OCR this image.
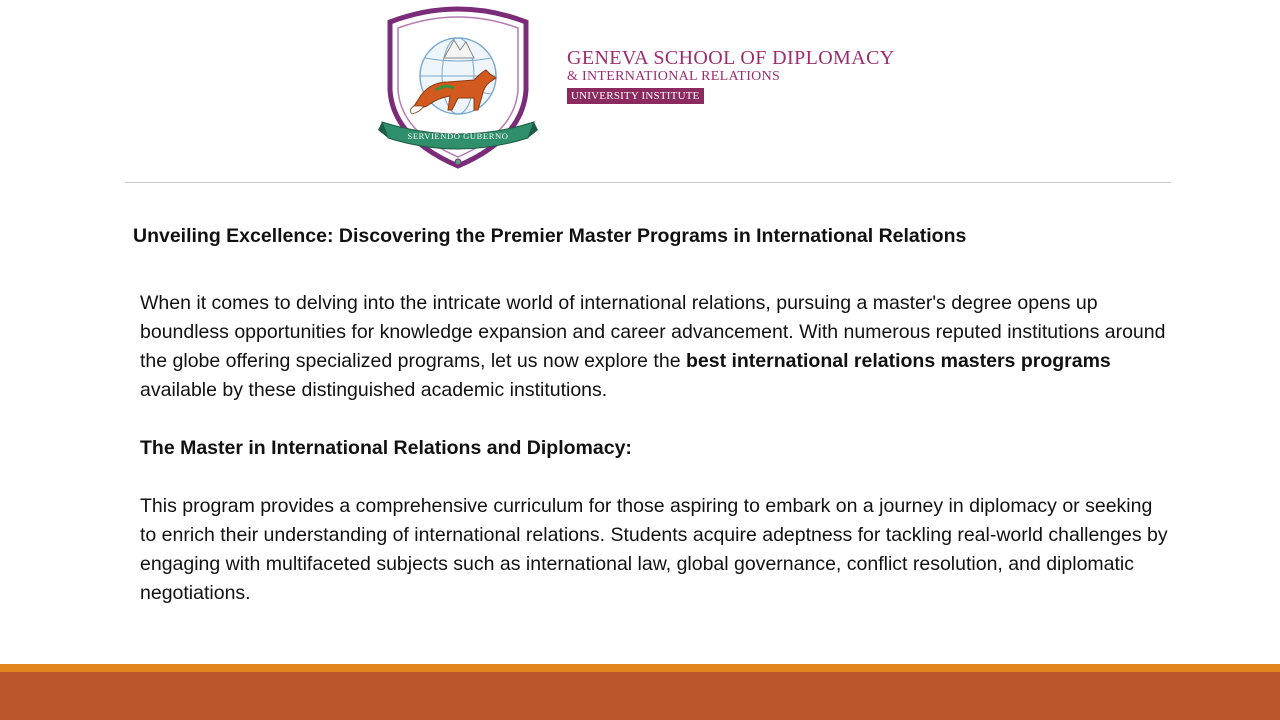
SERVIENDO GUBERNO
GENEVA SCHOOL OF DIPLOMACY
& INTERNATIONAL RELATIONS
UNIVERSITY INSTITUTE
Unveiling Excellence: Discovering the Premier Master Programs in International Relations

When it comes to delving into the intricate world of international relations, pursuing a master's degree opens up boundless opportunities for knowledge expansion and career advancement. With numerous reputed institutions around the globe offering specialized programs, let us now explore the best international relations masters programs available by these distinguished academic institutions.

The Master in International Relations and Diplomacy:

This program provides a comprehensive curriculum for those aspiring to embark on a journey in diplomacy or seeking to enrich their understanding of international relations. Students acquire adeptness for tackling real-world challenges by engaging with multifaceted subjects such as international law, global governance, conflict resolution, and diplomatic negotiations.
